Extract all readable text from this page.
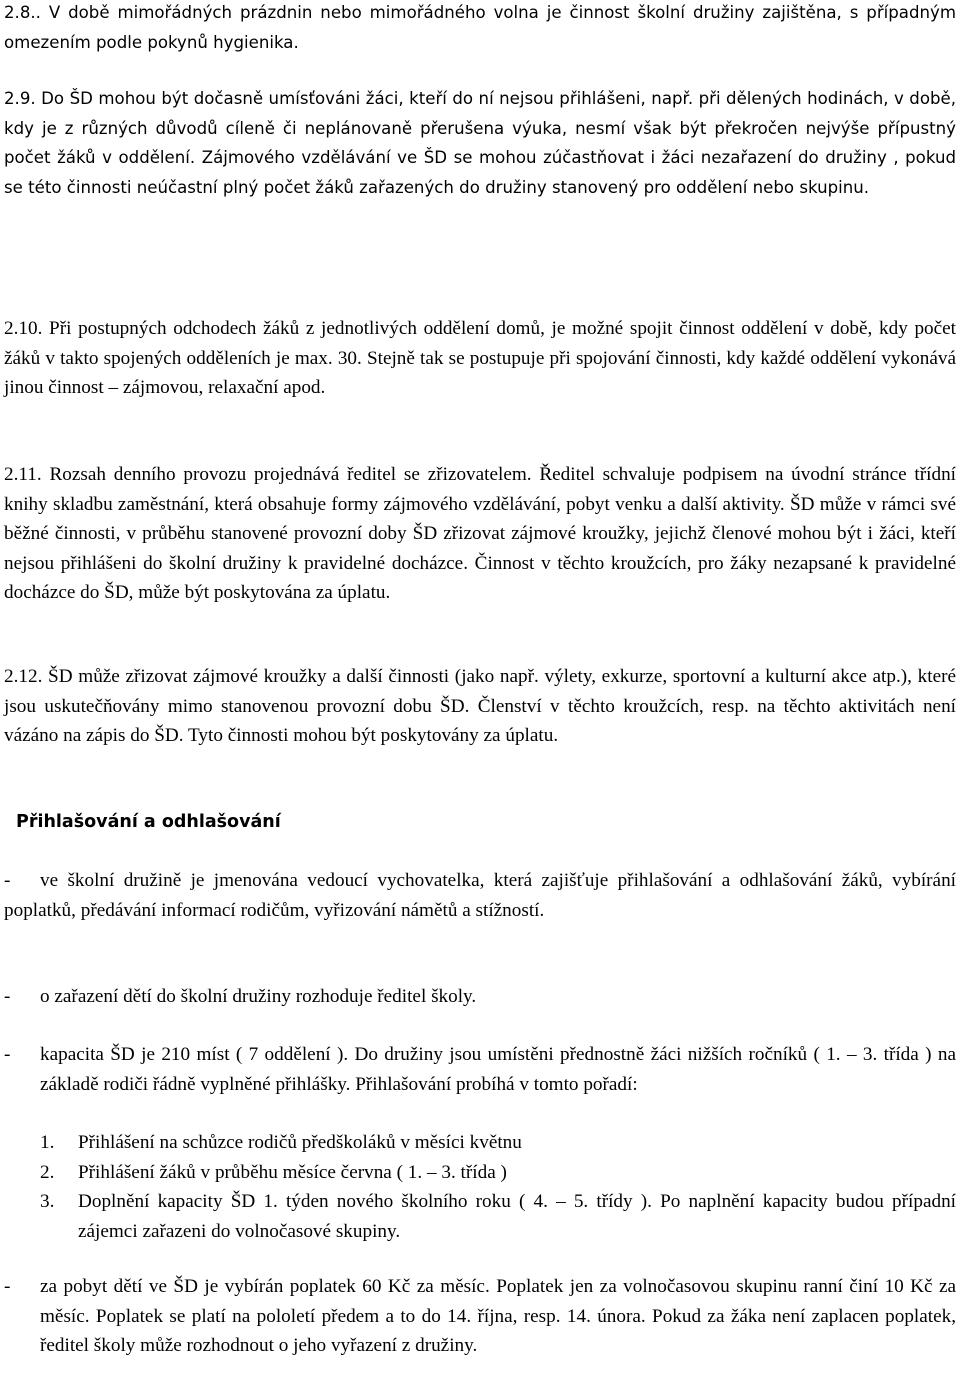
2.8.. V době mimořádných prázdnin nebo mimořádného volna je činnost školní družiny zajištěna, s případným omezením podle pokynů hygienika.

2.9. Do ŠD mohou být dočasně umísťováni žáci, kteří do ní nejsou přihlášeni, např. při dělených hodinách, v době, kdy je z různých důvodů cíleně či neplánovaně přerušena výuka, nesmí však být překročen nejvýše přípustný počet žáků v oddělení. Zájmového vzdělávání ve ŠD se mohou zúčastňovat i žáci nezařazení do družiny , pokud se této činnosti neúčastní plný počet žáků zařazených do družiny stanovený pro oddělení nebo skupinu.

2.10. Při postupných odchodech žáků z jednotlivých oddělení domů, je možné spojit činnost oddělení v době, kdy počet žáků v takto spojených odděleních je max. 30. Stejně tak se postupuje při spojování činnosti, kdy každé oddělení vykonává jinou činnost – zájmovou, relaxační apod.

2.11. Rozsah denního provozu projednává ředitel se zřizovatelem. Ředitel schvaluje podpisem na úvodní stránce třídní knihy skladbu zaměstnání, která obsahuje formy zájmového vzdělávání, pobyt venku a další aktivity. ŠD může v rámci své běžné činnosti, v průběhu stanovené provozní doby ŠD zřizovat zájmové kroužky, jejichž členové mohou být i žáci, kteří nejsou přihlášeni do školní družiny k pravidelné docházce. Činnost v těchto kroužcích, pro žáky nezapsané k pravidelné docházce do ŠD, může být poskytována za úplatu.

2.12. ŠD může zřizovat zájmové kroužky a další činnosti (jako např. výlety, exkurze, sportovní a kulturní akce atp.), které jsou uskutečňovány mimo stanovenou provozní dobu ŠD. Členství v těchto kroužcích, resp. na těchto aktivitách není vázáno na zápis do ŠD. Tyto činnosti mohou být poskytovány za úplatu.

Přihlašování a odhlašování
-	ve školní družině je jmenována vedoucí vychovatelka, která zajišťuje přihlašování a odhlašování žáků, vybírání poplatků, předávání informací rodičům, vyřizování námětů a stížností.

- o zařazení dětí do školní družiny rozhoduje ředitel školy.

- kapacita ŠD je 210 míst ( 7 oddělení ). Do družiny jsou umístěni přednostně žáci nižších ročníků ( 1. – 3. třída ) na základě rodiči řádně vyplněné přihlášky. Přihlašování probíhá v tomto pořadí:

1. Přihlášení na schůzce rodičů předškoláků v měsíci květnu
2. Přihlášení žáků v průběhu měsíce června ( 1. – 3. třída )
3. Doplnění kapacity ŠD 1. týden nového školního roku ( 4. – 5. třídy ). Po naplnění kapacity budou případní zájemci zařazeni do volnočasové skupiny.
- za pobyt dětí ve ŠD je vybírán poplatek 60 Kč za měsíc. Poplatek jen za volnočasovou skupinu ranní činí 10 Kč za měsíc. Poplatek se platí na pololetí předem a to do 14. října, resp. 14. února. Pokud za žáka není zaplacen poplatek, ředitel školy může rozhodnout o jeho vyřazení z družiny.
